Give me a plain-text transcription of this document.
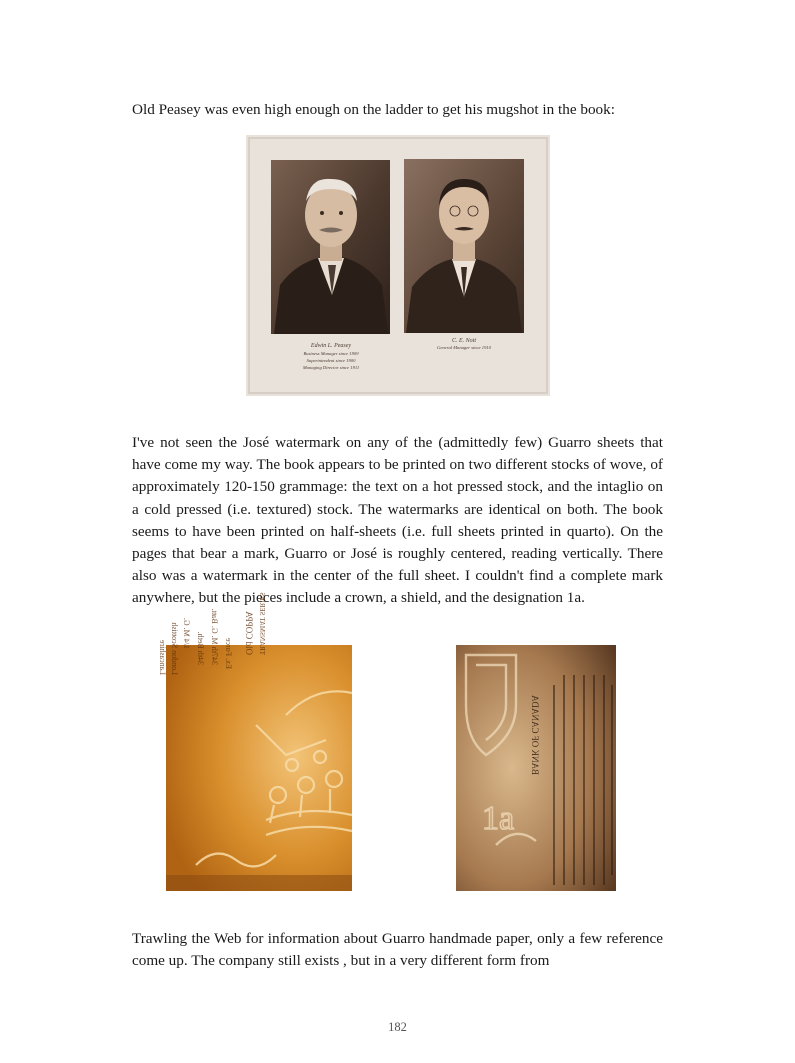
Old Peasey was even high enough on the ladder to get his mugshot in the book:

Edwin L. Peasey
Business Manager since 1909
Superintendent since 1900
Managing Director since 1911
C. E. Nott
General Manager since 1910

I've not seen the José watermark on any of the (admittedly few) Guarro sheets that have come my way. The book appears to be printed on two different stocks of wove, of approximately 120-150 grammage: the text on a hot pressed stock, and the intaglio on a cold pressed (i.e. textured) stock. The watermarks are identical on both. The book seems to have been printed on half-sheets (i.e. full sheets printed in quarto). On the pages that bear a mark, Guarro or José is roughly centered, reading vertically. There also was a watermark in the center of the full sheet. I couldn't find a complete mark anywhere, but the pieces include a crown, a shield, and the designation 1a.

Old COPPA TRANSMAT SERIES
1/4 M. G. 34th Beth. 347th M. G. Batt. Ex. Force
London Scottish
Lancashire
1a
BANK OF CANADA

Trawling the Web for information about Guarro handmade paper, only a few reference come up. The company still exists , but in a very different form from

182
